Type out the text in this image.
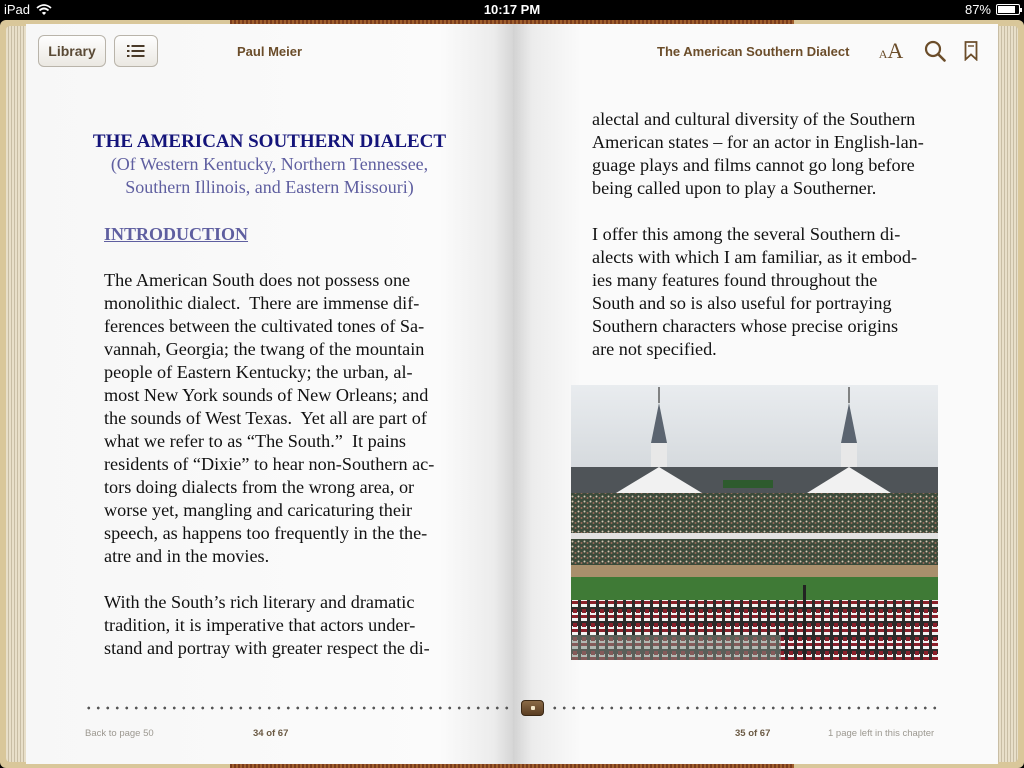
iPad	10:17 PM	87%
Library	Paul Meier	The American Southern Dialect AA
THE AMERICAN SOUTHERN DIALECT
(Of Western Kentucky, Northern Tennessee,
Southern Illinois, and Eastern Missouri)
INTRODUCTION
The American South does not possess one
monolithic dialect.  There are immense dif-
ferences between the cultivated tones of Sa-
vannah, Georgia; the twang of the mountain
people of Eastern Kentucky; the urban, al-
most New York sounds of New Orleans; and
the sounds of West Texas.  Yet all are part of
what we refer to as “The South.”  It pains
residents of “Dixie” to hear non-Southern ac-
tors doing dialects from the wrong area, or
worse yet, mangling and caricaturing their
speech, as happens too frequently in the the-
atre and in the movies.
With the South’s rich literary and dramatic
tradition, it is imperative that actors under-
stand and portray with greater respect the di-
alectal and cultural diversity of the Southern
American states – for an actor in English-lan-
guage plays and films cannot go long before
being called upon to play a Southerner.
I offer this among the several Southern di-
alects with which I am familiar, as it embod-
ies many features found throughout the
South and so is also useful for portraying
Southern characters whose precise origins
are not specified.
Back to page 50	34 of 67	35 of 67	1 page left in this chapter
